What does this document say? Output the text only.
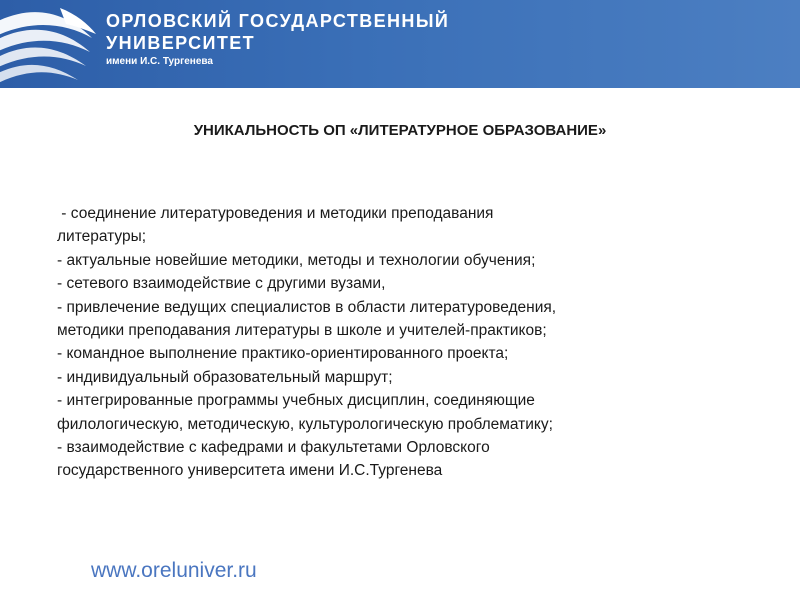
ОРЛОВСКИЙ ГОСУДАРСТВЕННЫЙ
УНИВЕРСИТЕТ

имени И.С. Тургенева

УНИКАЛЬНОСТЬ ОП «ЛИТЕРАТУРНОЕ ОБРАЗОВАНИЕ»
- соединение литературоведения и методики преподавания
литературы;
- актуальные новейшие методики, методы и технологии обучения;
- сетевого взаимодействие с другими вузами,
- привлечение ведущих специалистов в области литературоведения,
методики преподавания литературы в школе и учителей-практиков;
- командное выполнение практико-ориентированного проекта;
- индивидуальный образовательный маршрут;
- интегрированные программы учебных дисциплин, соединяющие
филологическую, методическую, культурологическую проблематику;
- взаимодействие с кафедрами и факультетами Орловского
государственного университета имени И.С.Тургенева

www.oreluniver.ru
